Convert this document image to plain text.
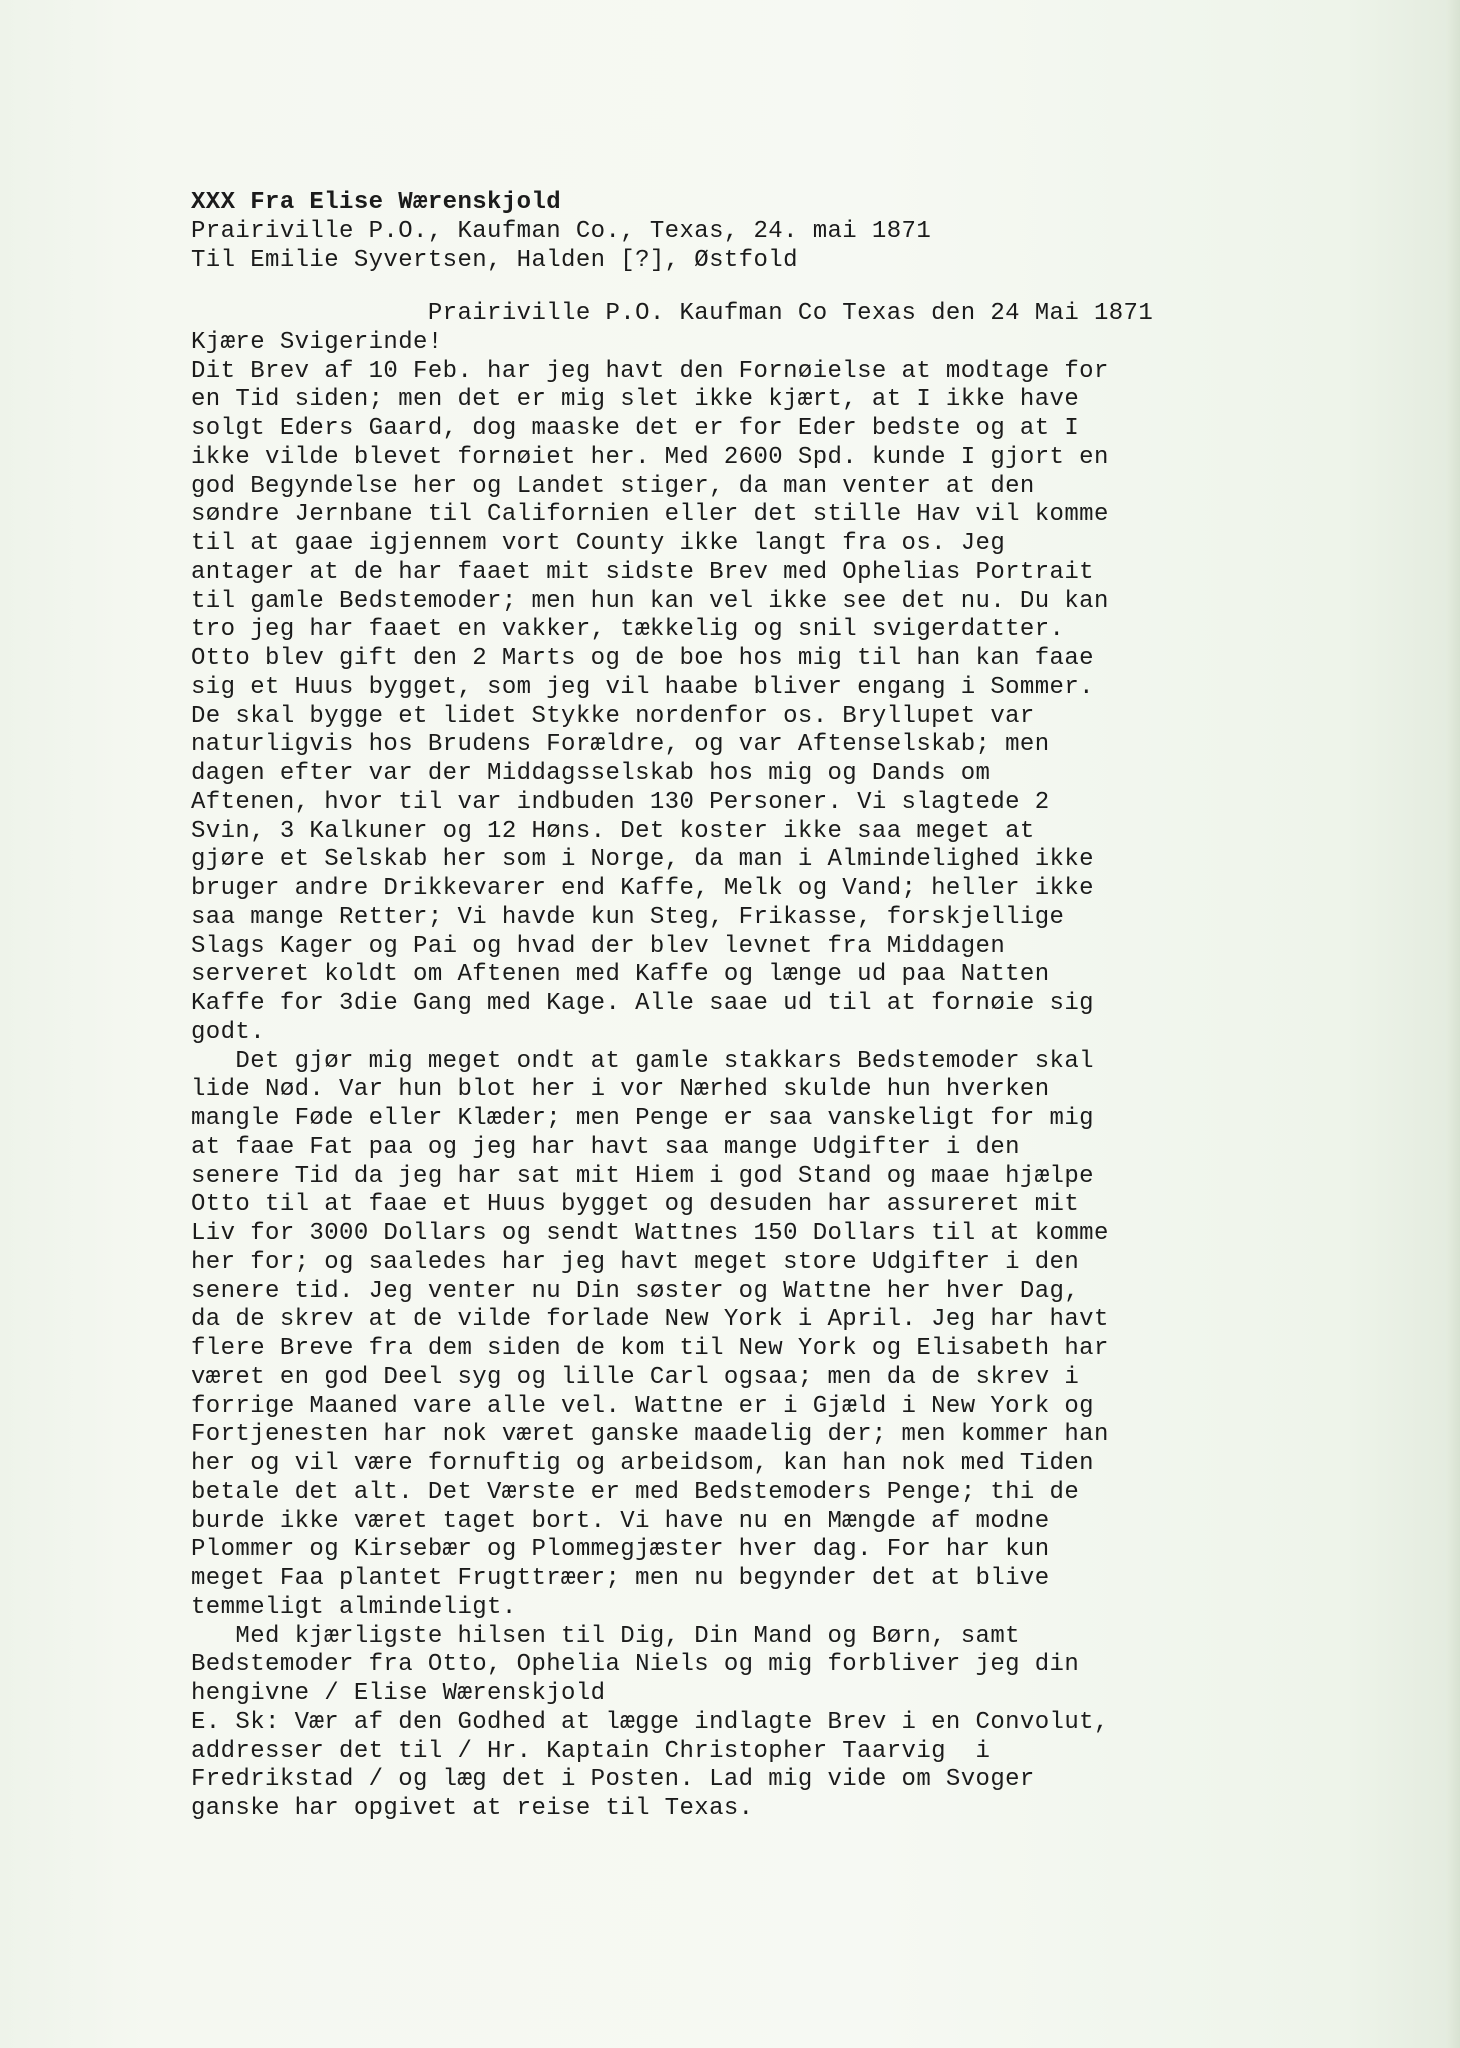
XXX Fra Elise Wærenskjold
Prairiville P.O., Kaufman Co., Texas, 24. mai 1871
Til Emilie Syvertsen, Halden [?], Østfold
Prairiville P.O. Kaufman Co Texas den 24 Mai 1871
Kjære Svigerinde!
Dit Brev af 10 Feb. har jeg havt den Fornøielse at modtage for
en Tid siden; men det er mig slet ikke kjært, at I ikke have
solgt Eders Gaard, dog maaske det er for Eder bedste og at I
ikke vilde blevet fornøiet her. Med 2600 Spd. kunde I gjort en
god Begyndelse her og Landet stiger, da man venter at den
søndre Jernbane til Californien eller det stille Hav vil komme
til at gaae igjennem vort County ikke langt fra os. Jeg
antager at de har faaet mit sidste Brev med Ophelias Portrait
til gamle Bedstemoder; men hun kan vel ikke see det nu. Du kan
tro jeg har faaet en vakker, tækkelig og snil svigerdatter.
Otto blev gift den 2 Marts og de boe hos mig til han kan faae
sig et Huus bygget, som jeg vil haabe bliver engang i Sommer.
De skal bygge et lidet Stykke nordenfor os. Bryllupet var
naturligvis hos Brudens Forældre, og var Aftenselskab; men
dagen efter var der Middagsselskab hos mig og Dands om
Aftenen, hvor til var indbuden 130 Personer. Vi slagtede 2
Svin, 3 Kalkuner og 12 Høns. Det koster ikke saa meget at
gjøre et Selskab her som i Norge, da man i Almindelighed ikke
bruger andre Drikkevarer end Kaffe, Melk og Vand; heller ikke
saa mange Retter; Vi havde kun Steg, Frikasse, forskjellige
Slags Kager og Pai og hvad der blev levnet fra Middagen
serveret koldt om Aftenen med Kaffe og længe ud paa Natten
Kaffe for 3die Gang med Kage. Alle saae ud til at fornøie sig
godt.
Det gjør mig meget ondt at gamle stakkars Bedstemoder skal
lide Nød. Var hun blot her i vor Nærhed skulde hun hverken
mangle Føde eller Klæder; men Penge er saa vanskeligt for mig
at faae Fat paa og jeg har havt saa mange Udgifter i den
senere Tid da jeg har sat mit Hiem i god Stand og maae hjælpe
Otto til at faae et Huus bygget og desuden har assureret mit
Liv for 3000 Dollars og sendt Wattnes 150 Dollars til at komme
her for; og saaledes har jeg havt meget store Udgifter i den
senere tid. Jeg venter nu Din søster og Wattne her hver Dag,
da de skrev at de vilde forlade New York i April. Jeg har havt
flere Breve fra dem siden de kom til New York og Elisabeth har
været en god Deel syg og lille Carl ogsaa; men da de skrev i
forrige Maaned vare alle vel. Wattne er i Gjæld i New York og
Fortjenesten har nok været ganske maadelig der; men kommer han
her og vil være fornuftig og arbeidsom, kan han nok med Tiden
betale det alt. Det Værste er med Bedstemoders Penge; thi de
burde ikke været taget bort. Vi have nu en Mængde af modne
Plommer og Kirsebær og Plommegjæster hver dag. For har kun
meget Faa plantet Frugttræer; men nu begynder det at blive
temmeligt almindeligt.
Med kjærligste hilsen til Dig, Din Mand og Børn, samt
Bedstemoder fra Otto, Ophelia Niels og mig forbliver jeg din
hengivne / Elise Wærenskjold
E. Sk: Vær af den Godhed at lægge indlagte Brev i en Convolut,
addresser det til / Hr. Kaptain Christopher Taarvig  i
Fredrikstad / og læg det i Posten. Lad mig vide om Svoger
ganske har opgivet at reise til Texas.
